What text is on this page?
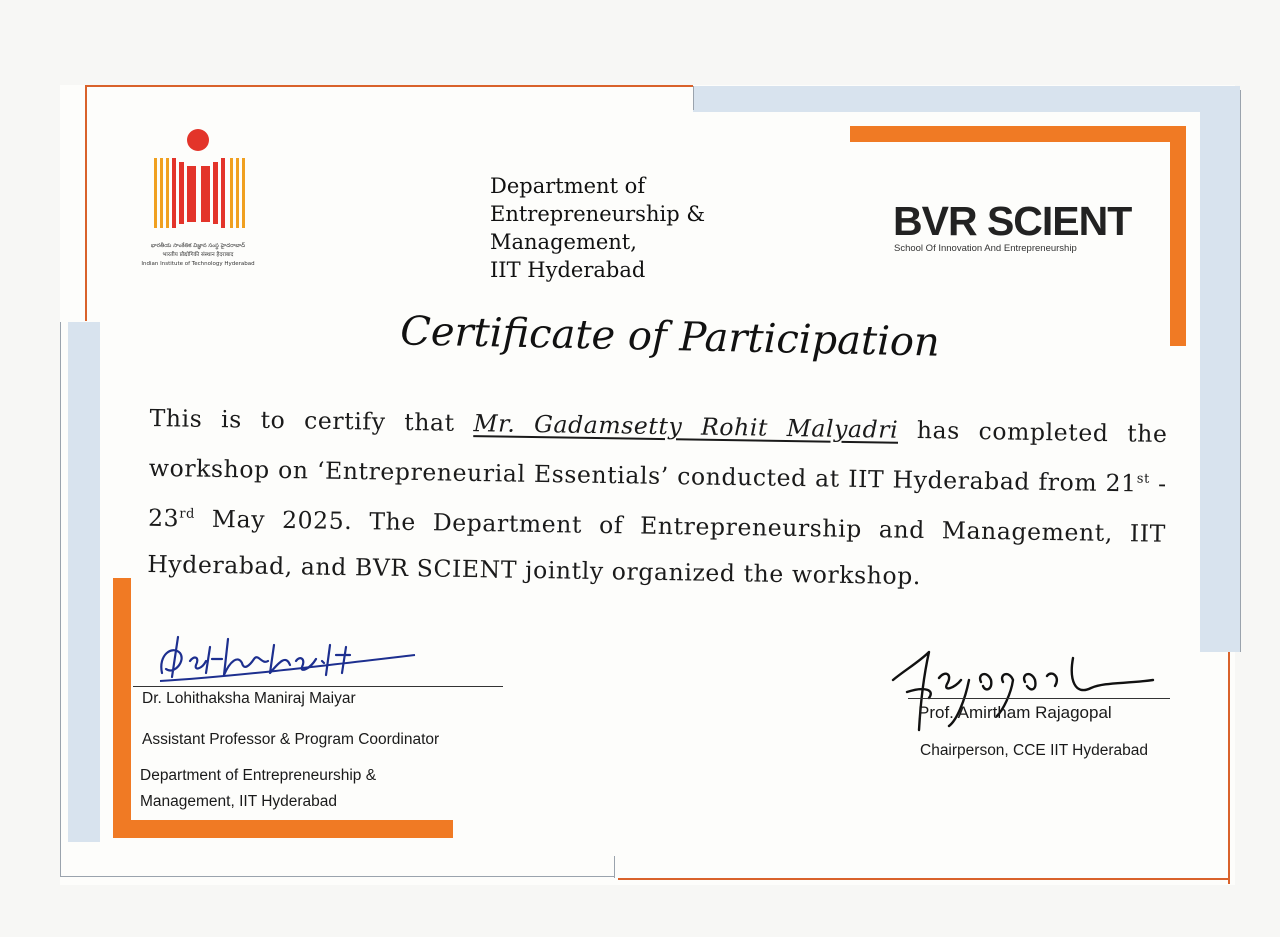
భారతీయ సాంకేతిక విజ్ఞాన సంస్థ హైదరాబాద్
भारतीय प्रौद्योगिकी संस्थान हैदराबाद
Indian Institute of Technology Hyderabad
Department of
Entrepreneurship &
Management,
IIT Hyderabad
BVR SCIENT
School Of Innovation And Entrepreneurship
Certificate of Participation
This is to certify that Mr. Gadamsetty Rohit Malyadri has completed the workshop on ‘Entrepreneurial Essentials’ conducted at IIT Hyderabad from 21st - 23rd May 2025. The Department of Entrepreneurship and Management, IIT Hyderabad, and BVR SCIENT jointly organized the workshop.
Dr. Lohithaksha Maniraj Maiyar
Assistant Professor & Program Coordinator
Department of Entrepreneurship &
Management, IIT Hyderabad
Prof. Amirtham Rajagopal
Chairperson, CCE IIT Hyderabad
